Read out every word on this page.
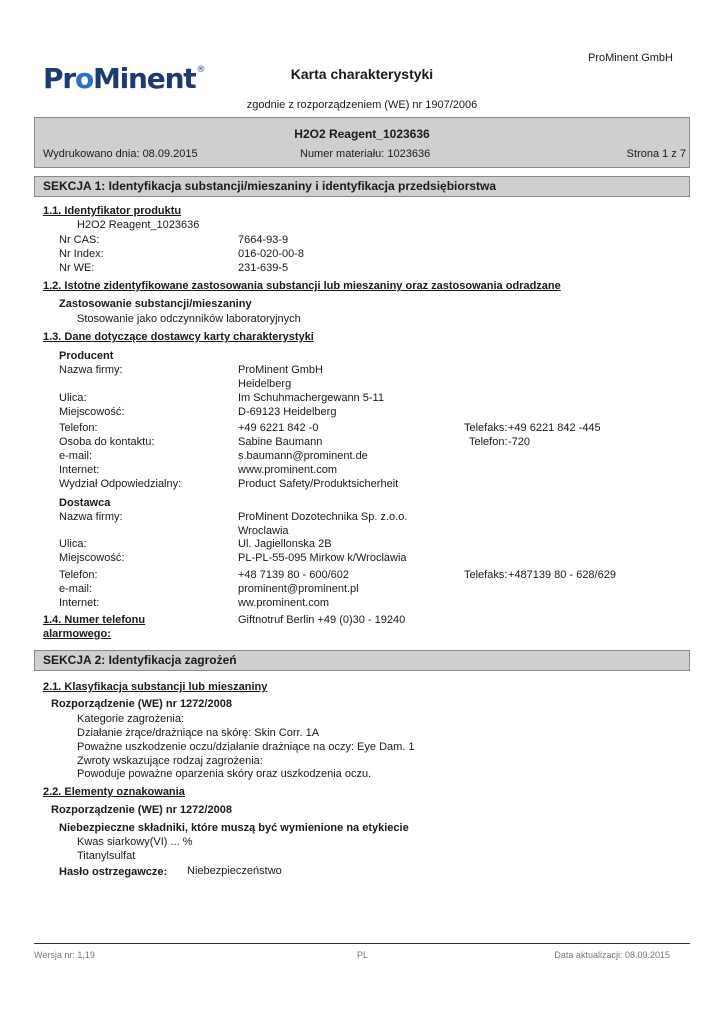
ProMinent GmbH
ProMinent®	Karta charakterystyki
zgodnie z rozporządzeniem (WE) nr 1907/2006
H2O2 Reagent_1023636
Wydrukowano dnia: 08.09.2015	Numer materiału: 1023636	Strona 1 z 7
SEKCJA 1: Identyfikacja substancji/mieszaniny i identyfikacja przedsiębiorstwa
1.1. Identyfikator produktu
H2O2 Reagent_1023636
Nr CAS:	7664-93-9
Nr Index:	016-020-00-8
Nr WE:	231-639-5
1.2. Istotne zidentyfikowane zastosowania substancji lub mieszaniny oraz zastosowania odradzane
Zastosowanie substancji/mieszaniny
Stosowanie jako odczynników laboratoryjnych
1.3. Dane dotyczące dostawcy karty charakterystyki
Producent
Nazwa firmy:	ProMinent GmbH
Heidelberg
Ulica:	Im Schuhmachergewann 5-11
Miejscowość:	D-69123 Heidelberg
Telefon:	+49 6221 842 -0	Telefaks: +49 6221 842 -445
Osoba do kontaktu:	Sabine Baumann	Telefon: -720
e-mail:	s.baumann@prominent.de
Internet:	www.prominent.com
Wydział Odpowiedzialny:	Product Safety/Produktsicherheit
Dostawca
Nazwa firmy:	ProMinent Dozotechnika Sp. z.o.o.
Wroclawia
Ulica:	Ul. Jagiellonska 2B
Miejscowość:	PL-PL-55-095 Mirkow k/Wroclawia
Telefon:	+48 7139 80 - 600/602	Telefaks: +487139 80 - 628/629
e-mail:	prominent@prominent.pl
Internet:	ww.prominent.com
1.4. Numer telefonu
alarmowego:
Giftnotruf Berlin +49 (0)30 - 19240
SEKCJA 2: Identyfikacja zagrożeń
2.1. Klasyfikacja substancji lub mieszaniny
Rozporządzenie (WE) nr 1272/2008
Kategorie zagrożenia:
Działanie żrące/drażniące na skórę: Skin Corr. 1A
Poważne uszkodzenie oczu/działanie drażniące na oczy: Eye Dam. 1
Zwroty wskazujące rodzaj zagrożenia:
Powoduje poważne oparzenia skóry oraz uszkodzenia oczu.
2.2. Elementy oznakowania
Rozporządzenie (WE) nr 1272/2008
Niebezpieczne składniki, które muszą być wymienione na etykiecie
Kwas siarkowy(VI) ... %
Titanylsulfat
Hasło ostrzegawcze: Niebezpieczeństwo
Wersja nr: 1,19	PL	Data aktualizacji: 08.09.2015
